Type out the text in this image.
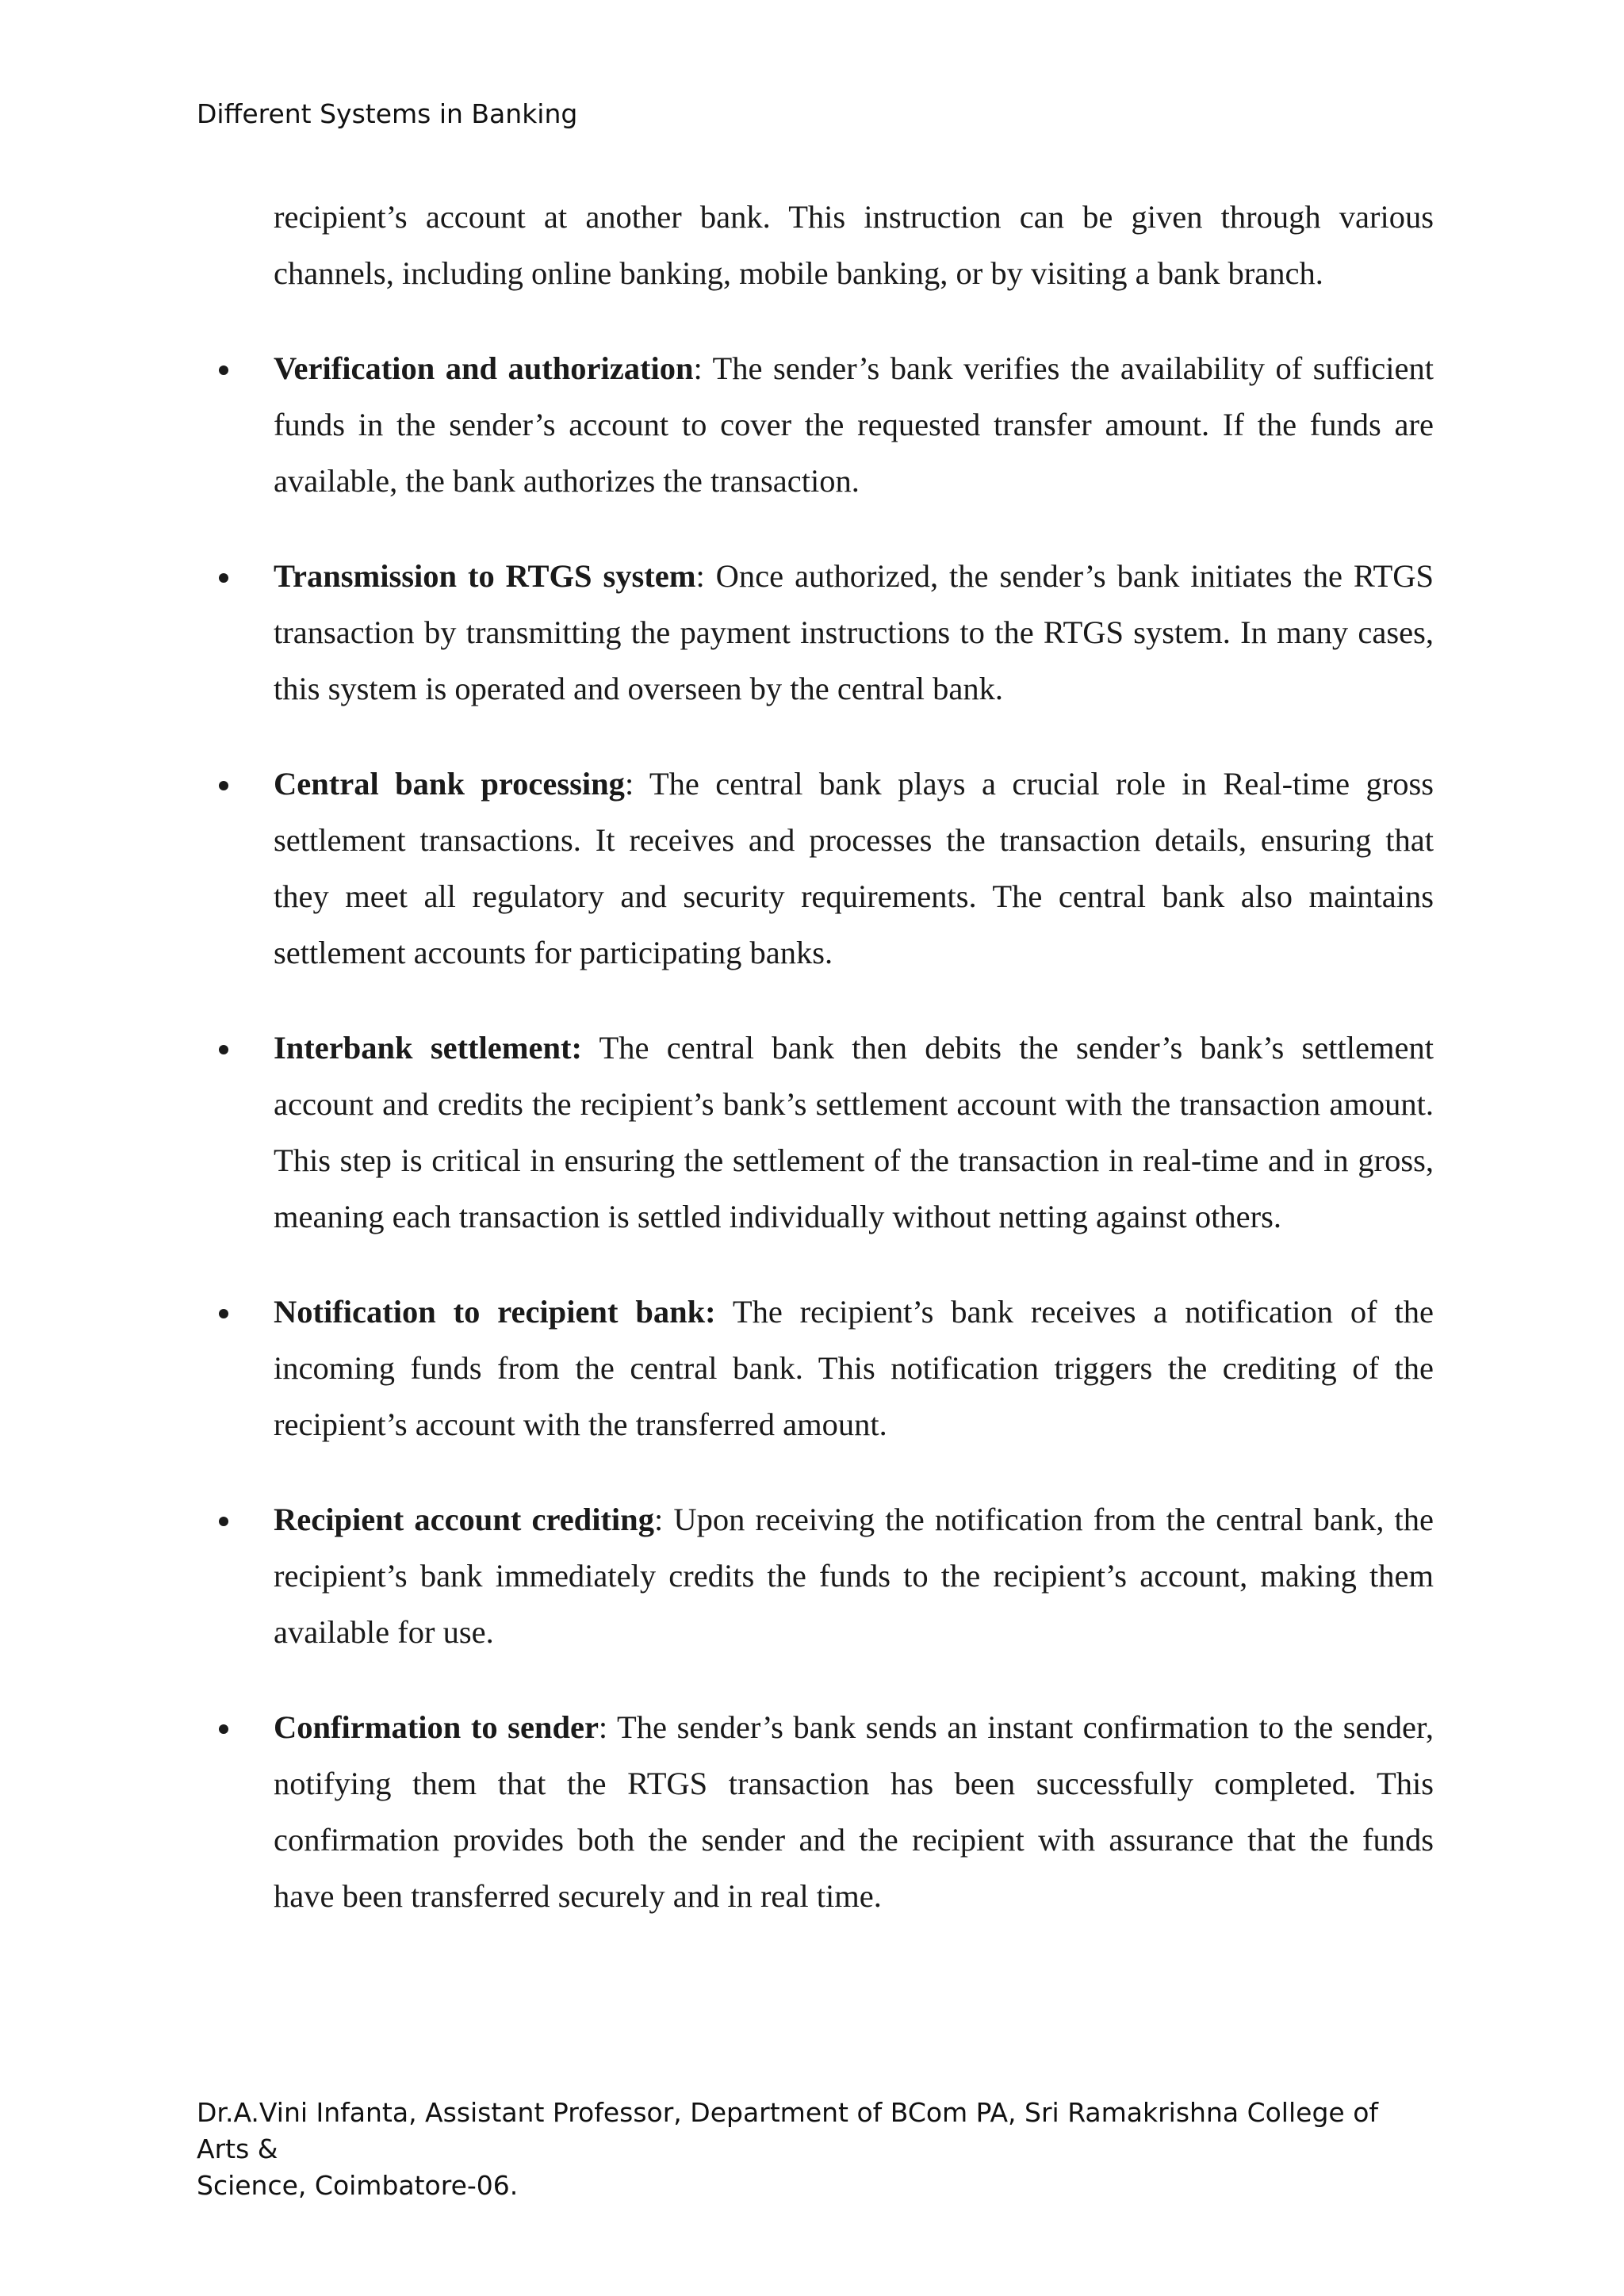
Different Systems in Banking

recipient’s account at another bank. This instruction can be given through various channels, including online banking, mobile banking, or by visiting a bank branch.

Verification and authorization: The sender’s bank verifies the availability of sufficient funds in the sender’s account to cover the requested transfer amount. If the funds are available, the bank authorizes the transaction.
Transmission to RTGS system: Once authorized, the sender’s bank initiates the RTGS transaction by transmitting the payment instructions to the RTGS system. In many cases, this system is operated and overseen by the central bank.
Central bank processing: The central bank plays a crucial role in Real-time gross settlement transactions. It receives and processes the transaction details, ensuring that they meet all regulatory and security requirements. The central bank also maintains settlement accounts for participating banks.
Interbank settlement: The central bank then debits the sender’s bank’s settlement account and credits the recipient’s bank’s settlement account with the transaction amount. This step is critical in ensuring the settlement of the transaction in real-time and in gross, meaning each transaction is settled individually without netting against others.
Notification to recipient bank: The recipient’s bank receives a notification of the incoming funds from the central bank. This notification triggers the crediting of the recipient’s account with the transferred amount.
Recipient account crediting: Upon receiving the notification from the central bank, the recipient’s bank immediately credits the funds to the recipient’s account, making them available for use.
Confirmation to sender: The sender’s bank sends an instant confirmation to the sender, notifying them that the RTGS transaction has been successfully completed. This confirmation provides both the sender and the recipient with assurance that the funds have been transferred securely and in real time.
Dr.A.Vini Infanta, Assistant Professor, Department of BCom PA, Sri Ramakrishna College of Arts &
Science, Coimbatore-06.
